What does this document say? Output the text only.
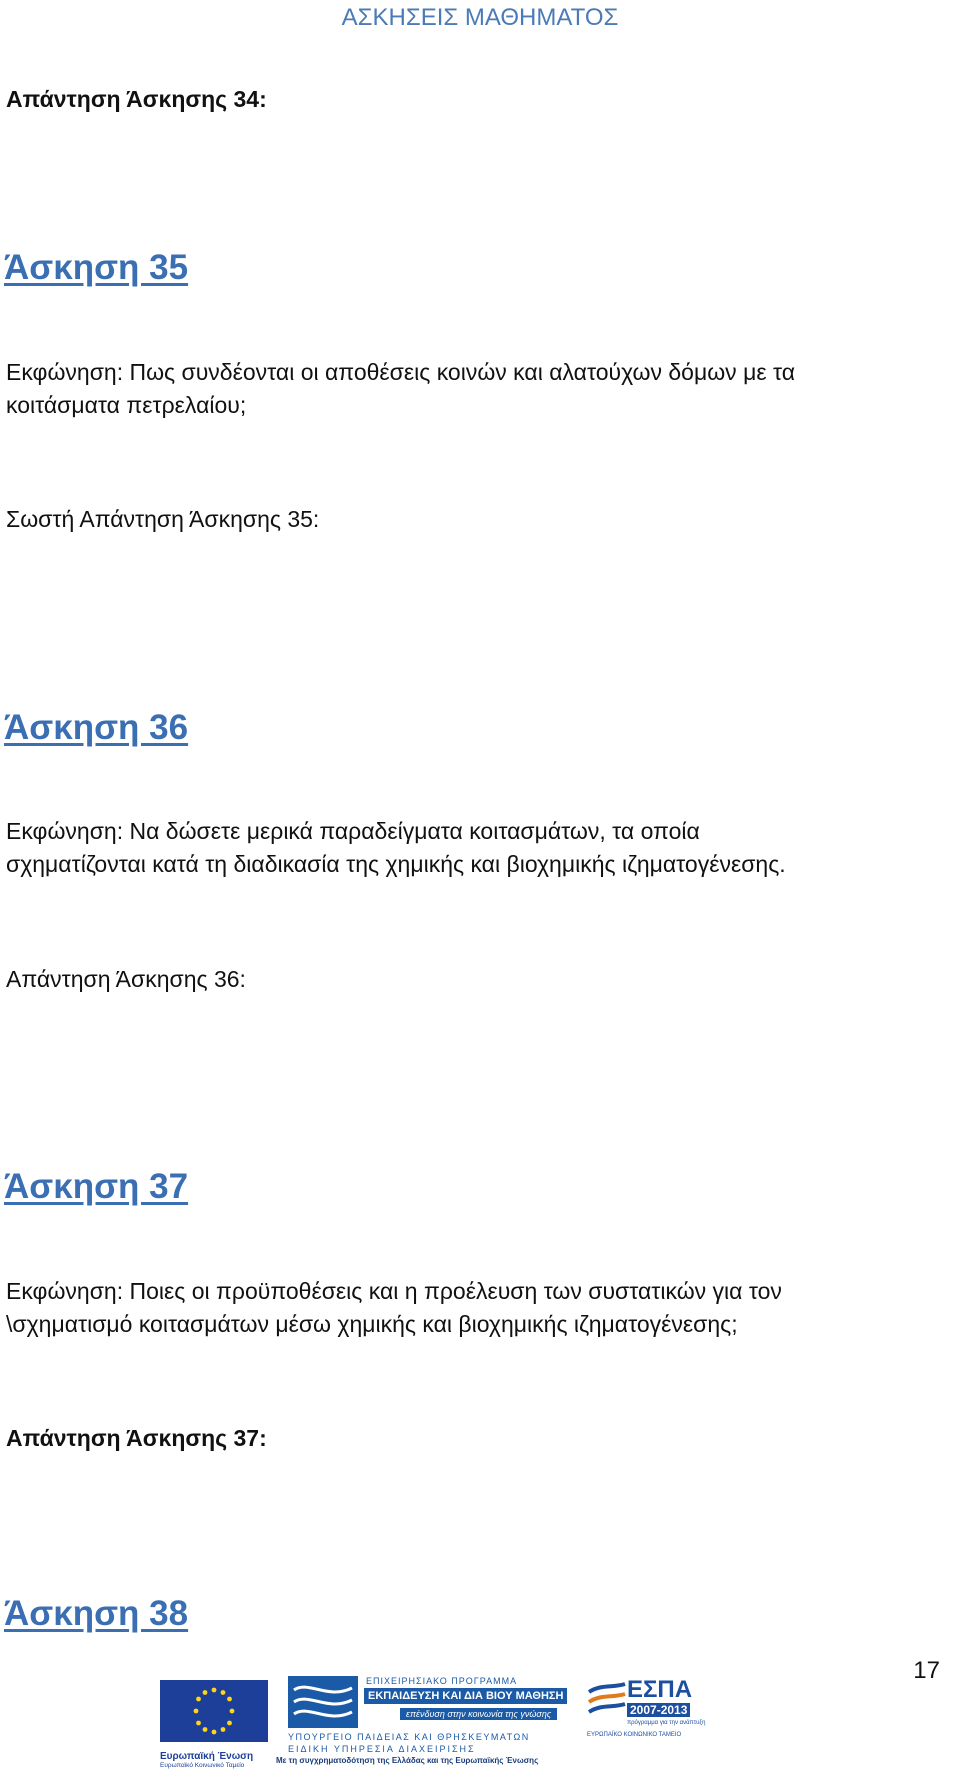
ΑΣΚΗΣΕΙΣ ΜΑΘΗΜΑΤΟΣ
Απάντηση Άσκησης 34:
Άσκηση 35
Εκφώνηση: Πως συνδέονται οι αποθέσεις κοινών και αλατούχων δόμων με τα
κοιτάσματα πετρελαίου;
Σωστή Απάντηση Άσκησης 35:
Άσκηση 36
Εκφώνηση: Να δώσετε μερικά παραδείγματα κοιτασμάτων, τα οποία
σχηματίζονται κατά τη διαδικασία της χημικής και βιοχημικής ιζηματογένεσης.
Απάντηση Άσκησης 36:
Άσκηση 37
Εκφώνηση: Ποιες οι προϋποθέσεις και η προέλευση των συστατικών για τον
\σχηματισμό κοιτασμάτων μέσω χημικής και βιοχημικής ιζηματογένεσης;
Απάντηση Άσκησης 37:
Άσκηση 38
17
Ευρωπαϊκή Ένωση
Ευρωπαϊκό Κοινωνικό Ταμείο
ΕΠΙΧΕΙΡΗΣΙΑΚΟ ΠΡΟΓΡΑΜΜΑ
ΕΚΠΑΙΔΕΥΣΗ ΚΑΙ ΔΙΑ ΒΙΟΥ ΜΑΘΗΣΗ
επένδυση στην κοινωνία της γνώσης
ΥΠΟΥΡΓΕΙΟ ΠΑΙΔΕΙΑΣ ΚΑΙ ΘΡΗΣΚΕΥΜΑΤΩΝ
ΕΙΔΙΚΗ ΥΠΗΡΕΣΙΑ ΔΙΑΧΕΙΡΙΣΗΣ
Με τη συγχρηματοδότηση της Ελλάδας και της Ευρωπαϊκής Ένωσης
ΕΣΠΑ
2007-2013
πρόγραμμα για την ανάπτυξη
ΕΥΡΩΠΑΪΚΟ ΚΟΙΝΩΝΙΚΟ ΤΑΜΕΙΟ
